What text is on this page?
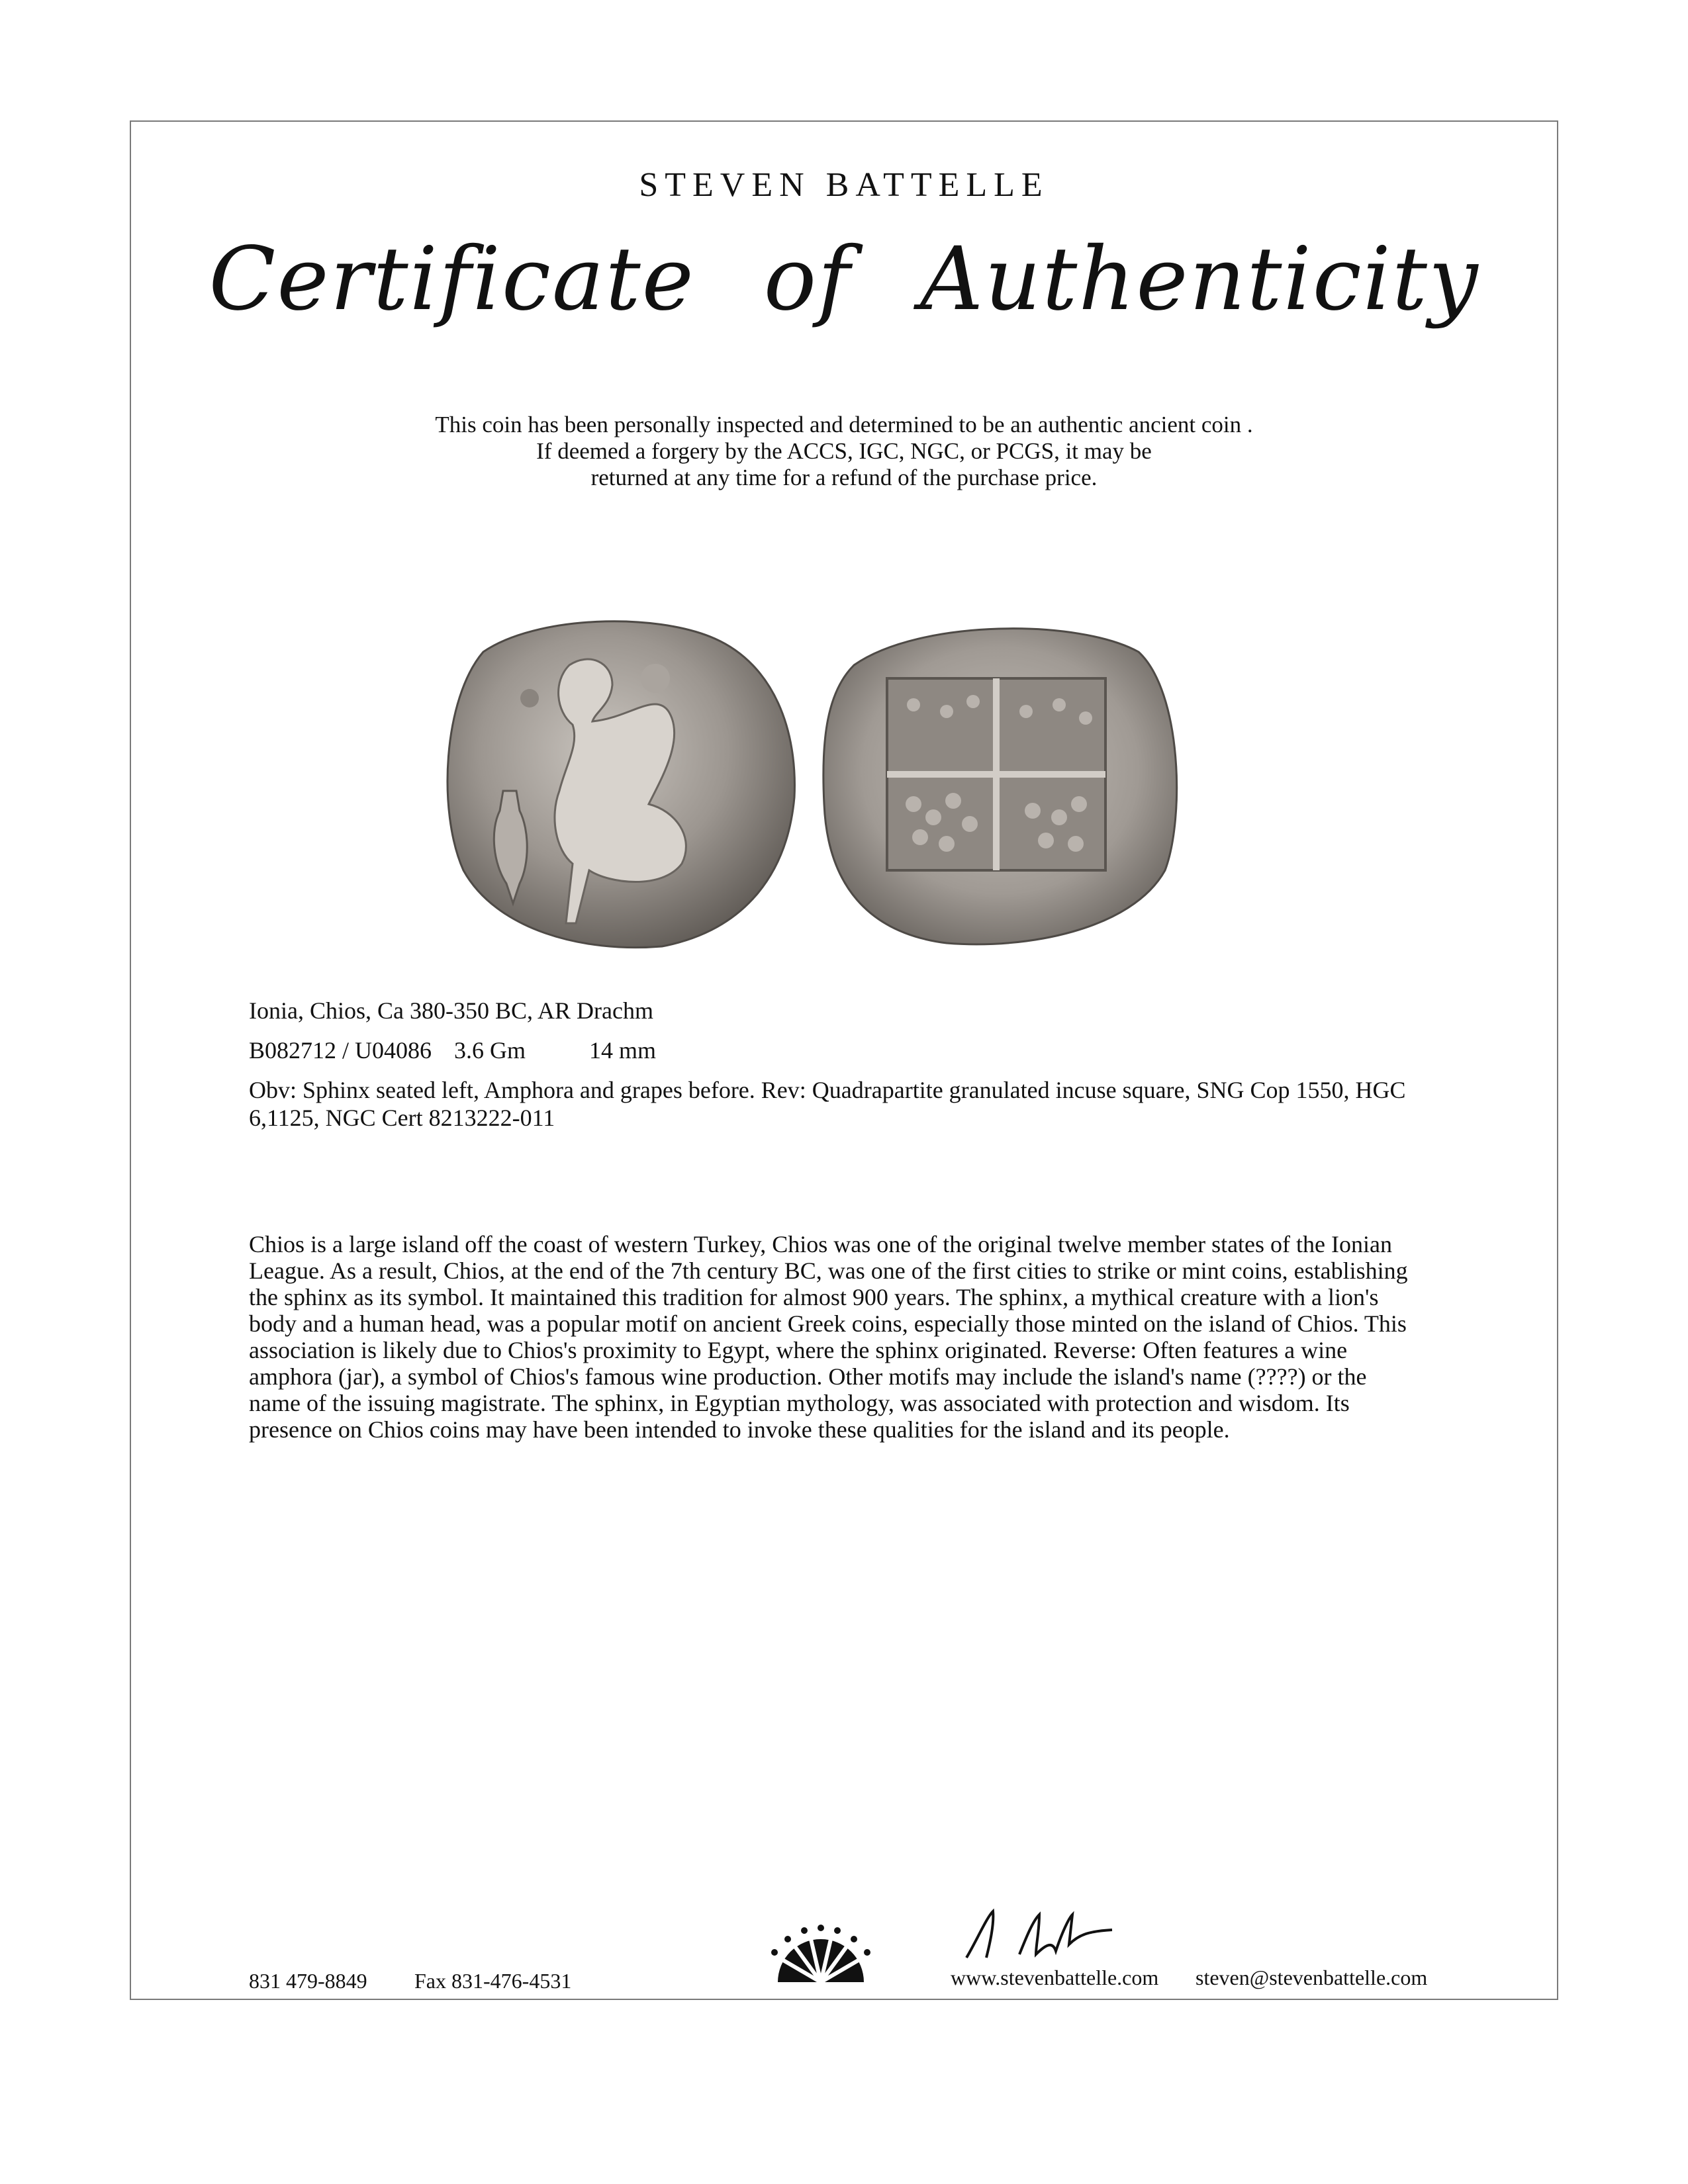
STEVEN BATTELLE
Certificate of Authenticity
This coin has been personally inspected and determined to be an authentic ancient coin .
If deemed a forgery by the ACCS, IGC, NGC, or PCGS, it may be
returned at any time for a refund of the purchase price.
Ionia, Chios, Ca 380-350 BC, AR Drachm
B082712 / U04086 3.6 Gm	14 mm
Obv: Sphinx seated left, Amphora and grapes before. Rev: Quadrapartite granulated incuse square, SNG Cop 1550, HGC 6,1125, NGC Cert 8213222-011
Chios is a large island off the coast of western Turkey, Chios was one of the original twelve member states of the Ionian League. As a result, Chios, at the end of the 7th century BC, was one of the first cities to strike or mint coins, establishing the sphinx as its symbol. It maintained this tradition for almost 900 years. The sphinx, a mythical creature with a lion's body and a human head, was a popular motif on ancient Greek coins, especially those minted on the island of Chios. This association is likely due to Chios's proximity to Egypt, where the sphinx originated. Reverse: Often features a wine amphora (jar), a symbol of Chios's famous wine production. Other motifs may include the island's name (????) or the name of the issuing magistrate. The sphinx, in Egyptian mythology, was associated with protection and wisdom. Its presence on Chios coins may have been intended to invoke these qualities for the island and its people.
831 479-8849 Fax 831-476-4531	www.stevenbattelle.com steven@stevenbattelle.com
